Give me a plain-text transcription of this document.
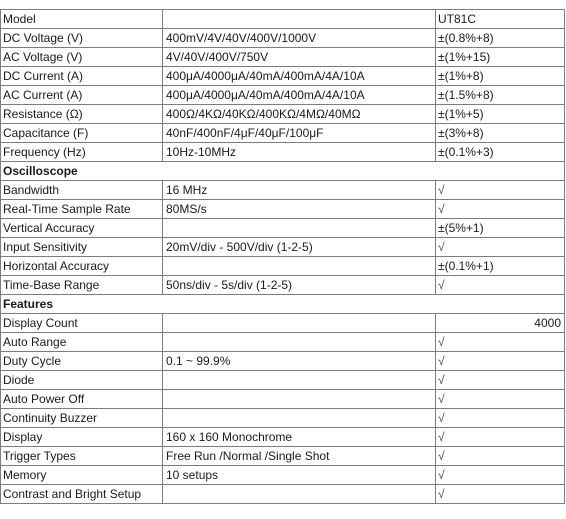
Model		UT81C
DC Voltage (V)	400mV/4V/40V/400V/1000V	±(0.8%+8)
AC Voltage (V)	4V/40V/400V/750V	±(1%+15)
DC Current (A)	400μA/4000μA/40mA/400mA/4A/10A	±(1%+8)
AC Current (A)	400μA/4000μA/40mA/400mA/4A/10A	±(1.5%+8)
Resistance (Ω)	400Ω/4KΩ/40KΩ/400KΩ/4MΩ/40MΩ	±(1%+5)
Capacitance (F)	40nF/400nF/4μF/40μF/100μF	±(3%+8)
Frequency (Hz)	10Hz-10MHz	±(0.1%+3)
Oscilloscope		
Bandwidth	16 MHz	√
Real-Time Sample Rate	80MS/s	√
Vertical Accuracy		±(5%+1)
Input Sensitivity	20mV/div - 500V/div (1-2-5)	√
Horizontal Accuracy		±(0.1%+1)
Time-Base Range	50ns/div - 5s/div (1-2-5)	√
Features		
Display Count		4000
Auto Range		√
Duty Cycle	0.1 ~ 99.9%	√
Diode		√
Auto Power Off		√
Continuity Buzzer		√
Display	160 x 160 Monochrome	√
Trigger Types	Free Run /Normal /Single Shot	√
Memory	10 setups	√
Contrast and Bright Setup		√
